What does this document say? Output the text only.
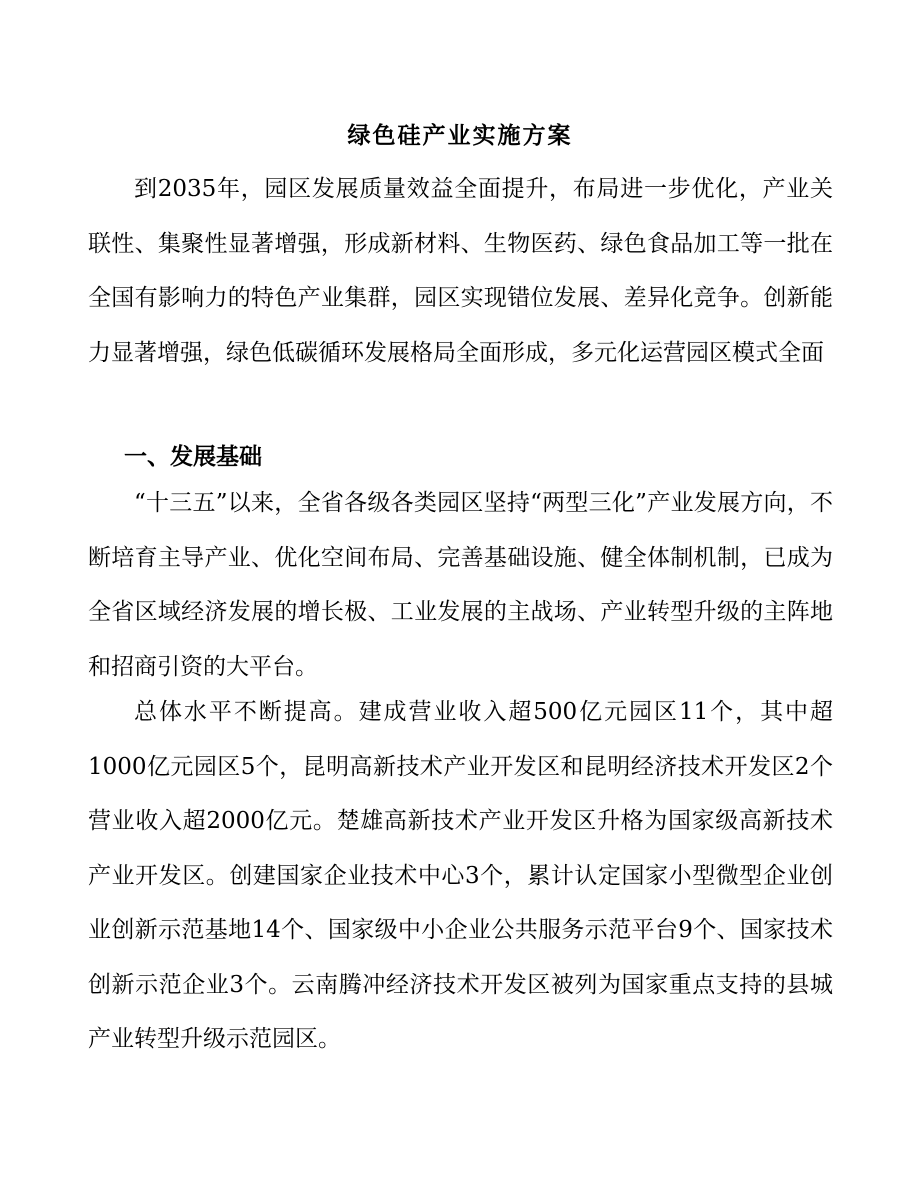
绿色硅产业实施方案

到2035年，园区发展质量效益全面提升，布局进一步优化，产业关联性、集聚性显著增强，形成新材料、生物医药、绿色食品加工等一批在全国有影响力的特色产业集群，园区实现错位发展、差异化竞争。创新能力显著增强，绿色低碳循环发展格局全面形成，多元化运营园区模式全面

一、发展基础

“十三五”以来，全省各级各类园区坚持“两型三化”产业发展方向，不断培育主导产业、优化空间布局、完善基础设施、健全体制机制，已成为全省区域经济发展的增长极、工业发展的主战场、产业转型升级的主阵地和招商引资的大平台。

总体水平不断提高。建成营业收入超500亿元园区11个，其中超1000亿元园区5个，昆明高新技术产业开发区和昆明经济技术开发区2个营业收入超2000亿元。楚雄高新技术产业开发区升格为国家级高新技术产业开发区。创建国家企业技术中心3个，累计认定国家小型微型企业创业创新示范基地14个、国家级中小企业公共服务示范平台9个、国家技术创新示范企业3个。云南腾冲经济技术开发区被列为国家重点支持的县城产业转型升级示范园区。
